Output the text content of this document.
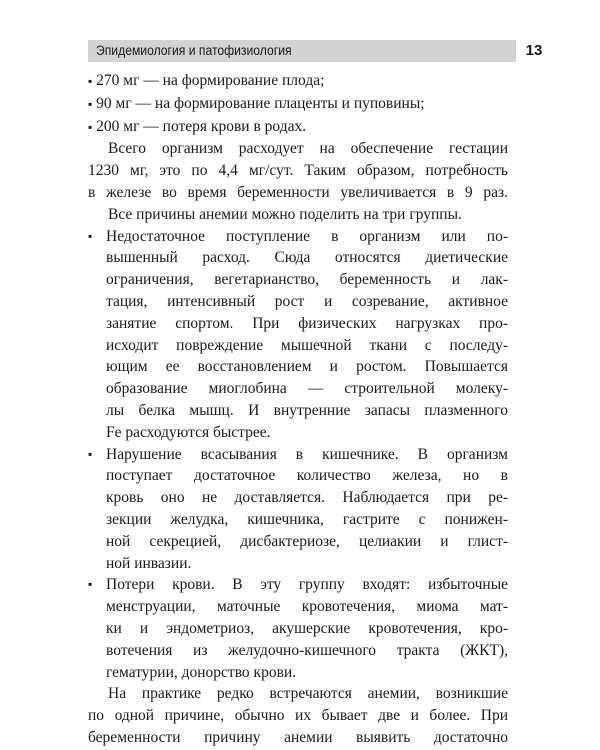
Эпидемиология и патофизиология	13
▪ 270 мг — на формирование плода;
▪ 90 мг — на формирование плаценты и пуповины;
▪ 200 мг — потеря крови в родах.

Всего организм расходует на обеспечение гестации
1230 мг, это по 4,4 мг/сут. Таким образом, потребность
в железе во время беременности увеличивается в 9 раз.

Все причины анемии можно поделить на три группы.

▪
Недостаточное поступление в организм или по-
вышенный расход. Сюда относятся диетические
ограничения, вегетарианство, беременность и лак-
тация, интенсивный рост и созревание, активное
занятие спортом. При физических нагрузках про-
исходит повреждение мышечной ткани с последу-
ющим ее восстановлением и ростом. Повышается
образование миоглобина — строительной молеку-
лы белка мышц. И внутренние запасы плазменного
Fe расходуются быстрее.
▪
Нарушение всасывания в кишечнике. В организм
поступает достаточное количество железа, но в
кровь оно не доставляется. Наблюдается при ре-
зекции желудка, кишечника, гастрите с понижен-
ной секрецией, дисбактериозе, целиакии и глист-
ной инвазии.
▪
Потери крови. В эту группу входят: избыточные
менструации, маточные кровотечения, миома мат-
ки и эндометриоз, акушерские кровотечения, кро-
вотечения из желудочно-кишечного тракта (ЖКТ),
гематурии, донорство крови.

На практике редко встречаются анемии, возникшие
по одной причине, обычно их бывает две и более. При
беременности причину анемии выявить достаточно
